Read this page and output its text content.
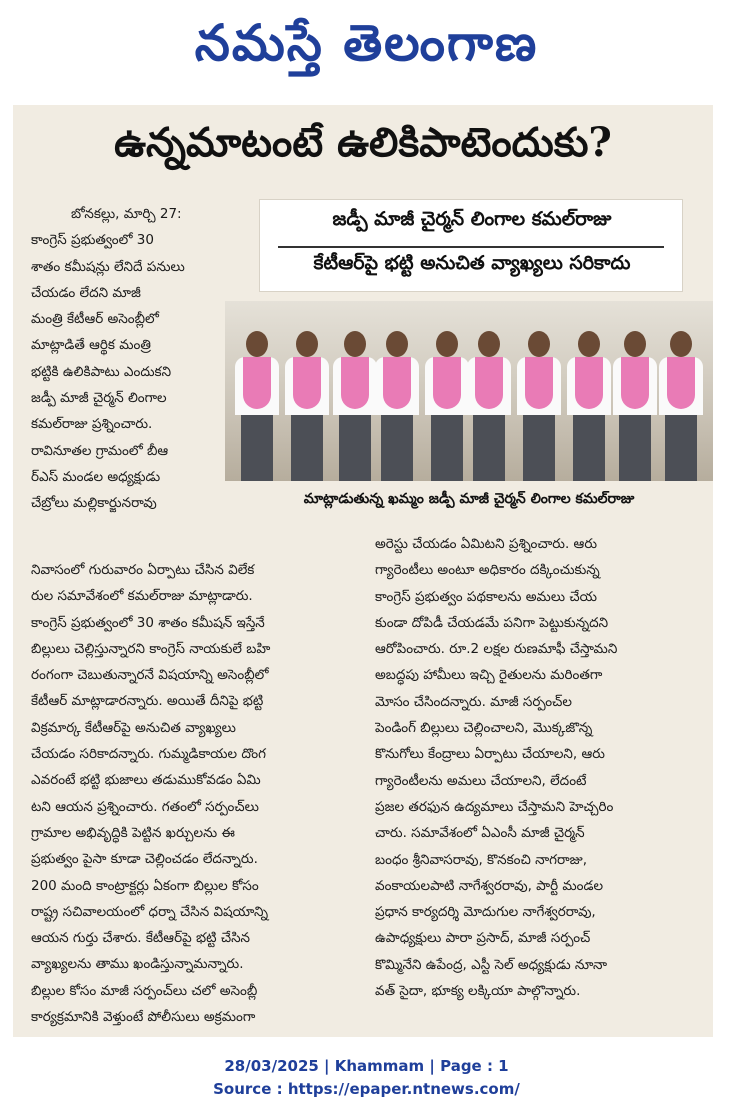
నమస్తే తెలంగాణ
ఉన్నమాటంటే ఉలికిపాటెందుకు?
బోనకల్లు, మార్చి 27:
కాంగ్రెస్ ప్రభుత్వంలో 30
శాతం కమీషన్లు లేనిదే పనులు
చేయడం లేదని మాజీ
మంత్రి కేటీఆర్ అసెంబ్లీలో
మాట్లాడితే ఆర్థిక మంత్రి
భట్టికి ఉలికిపాటు ఎందుకని
జడ్పీ మాజీ చైర్మన్ లింగాల
కమల్‌రాజు ప్రశ్నించారు.
రావినూతల గ్రామంలో బీఆ
ర్ఎస్ మండల అధ్యక్షుడు
చేబ్రోలు మల్లికార్జునరావు
జడ్పీ మాజీ చైర్మన్ లింగాల కమల్‌రాజు
కేటీఆర్‌పై భట్టి అనుచిత వ్యాఖ్యలు సరికాదు
మాట్లాడుతున్న ఖమ్మం జడ్పీ మాజీ చైర్మన్ లింగాల కమల్‌రాజు
నివాసంలో గురువారం ఏర్పాటు చేసిన విలేక
రుల సమావేశంలో కమల్‌రాజు మాట్లాడారు.
కాంగ్రెస్ ప్రభుత్వంలో 30 శాతం కమీషన్ ఇస్తేనే
బిల్లులు చెల్లిస్తున్నారని కాంగ్రెస్ నాయకులే బహి
రంగంగా చెబుతున్నారనే విషయాన్ని అసెంబ్లీలో
కేటీఆర్ మాట్లాడారన్నారు. అయితే దీనిపై భట్టి
విక్రమార్క కేటీఆర్‌పై అనుచిత వ్యాఖ్యలు
చేయడం సరికాదన్నారు. గుమ్మడికాయల దొంగ
ఎవరంటే భట్టి భుజాలు తడుముకోవడం ఏమి
టని ఆయన ప్రశ్నించారు. గతంలో సర్పంచ్‌లు
గ్రామాల అభివృద్ధికి పెట్టిన ఖర్చులను ఈ
ప్రభుత్వం పైసా కూడా చెల్లించడం లేదన్నారు.
200 మంది కాంట్రాక్టర్లు ఏకంగా బిల్లుల కోసం
రాష్ట్ర సచివాలయంలో ధర్నా చేసిన విషయాన్ని
ఆయన గుర్తు చేశారు. కేటీఆర్‌పై భట్టి చేసిన
వ్యాఖ్యలను తాము ఖండిస్తున్నామన్నారు.
బిల్లుల కోసం మాజీ సర్పంచ్‌లు చలో అసెంబ్లీ
కార్యక్రమానికి వెళ్తుంటే పోలీసులు అక్రమంగా
అరెస్టు చేయడం ఏమిటని ప్రశ్నించారు. ఆరు
గ్యారెంటీలు అంటూ అధికారం దక్కించుకున్న
కాంగ్రెస్ ప్రభుత్వం పథకాలను అమలు చేయ
కుండా దోపిడీ చేయడమే పనిగా పెట్టుకున్నదని
ఆరోపించారు. రూ.2 లక్షల రుణమాఫీ చేస్తామని
అబద్ధపు హామీలు ఇచ్చి రైతులను మరింతగా
మోసం చేసిందన్నారు. మాజీ సర్పంచ్‌ల
పెండింగ్ బిల్లులు చెల్లించాలని, మొక్కజొన్న
కొనుగోలు కేంద్రాలు ఏర్పాటు చేయాలని, ఆరు
గ్యారెంటీలను అమలు చేయాలని, లేదంటే
ప్రజల తరఫున ఉద్యమాలు చేస్తామని హెచ్చరిం
చారు. సమావేశంలో ఏఎంసీ మాజీ చైర్మన్
బంధం శ్రీనివాసరావు, కొనకంచి నాగరాజు,
వంకాయలపాటి నాగేశ్వరరావు, పార్టీ మండల
ప్రధాన కార్యదర్శి మోదుగుల నాగేశ్వరరావు,
ఉపాధ్యక్షులు పారా ప్రసాద్, మాజీ సర్పంచ్
కొమ్మినేని ఉపేంద్ర, ఎస్టీ సెల్ అధ్యక్షుడు నూనా
వత్ సైదా, భూక్య లక్కియా పాల్గొన్నారు.
28/03/2025 | Khammam | Page : 1
Source : https://epaper.ntnews.com/
